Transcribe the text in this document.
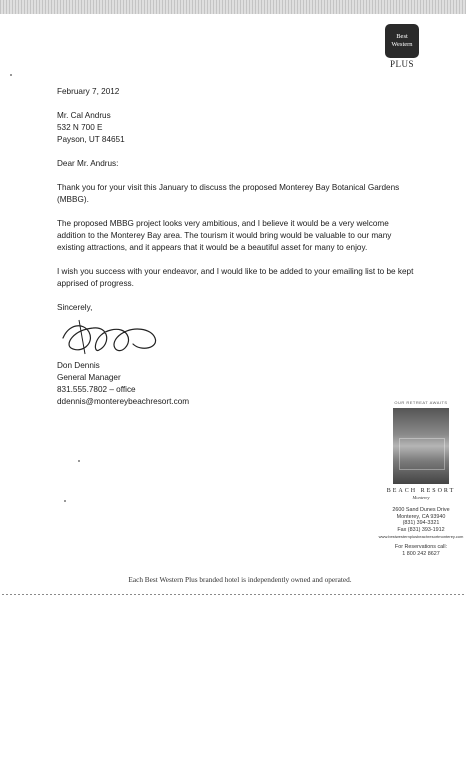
Best
Western
PLUS

February 7, 2012

Mr. Cal Andrus

532 N 700 E

Payson, UT 84651

Dear Mr. Andrus:

Thank you for your visit this January to discuss the proposed Monterey Bay Botanical Gardens (MBBG).

The proposed MBBG project looks very ambitious, and I believe it would be a very welcome addition to the Monterey Bay area. The tourism it would bring would be valuable to our many existing attractions, and it appears that it would be a beautiful asset for many to enjoy.

I wish you success with your endeavor, and I would like to be added to your emailing list to be kept apprised of progress.

Sincerely,

Don Dennis

General Manager

831.555.7802 – office

ddennis@montereybeachresort.com	OUR RETREAT AWAITS
BEACH RESORT
Monterey
2600 Sand Dunes Drive
Monterey, CA 93940
(831) 394-3321
Fax (831) 393-1912
www.bestwesternplusbeachresortmonterey.com
For Reservations call:
1 800 242 8627
Each Best Western Plus branded hotel is independently owned and operated.
